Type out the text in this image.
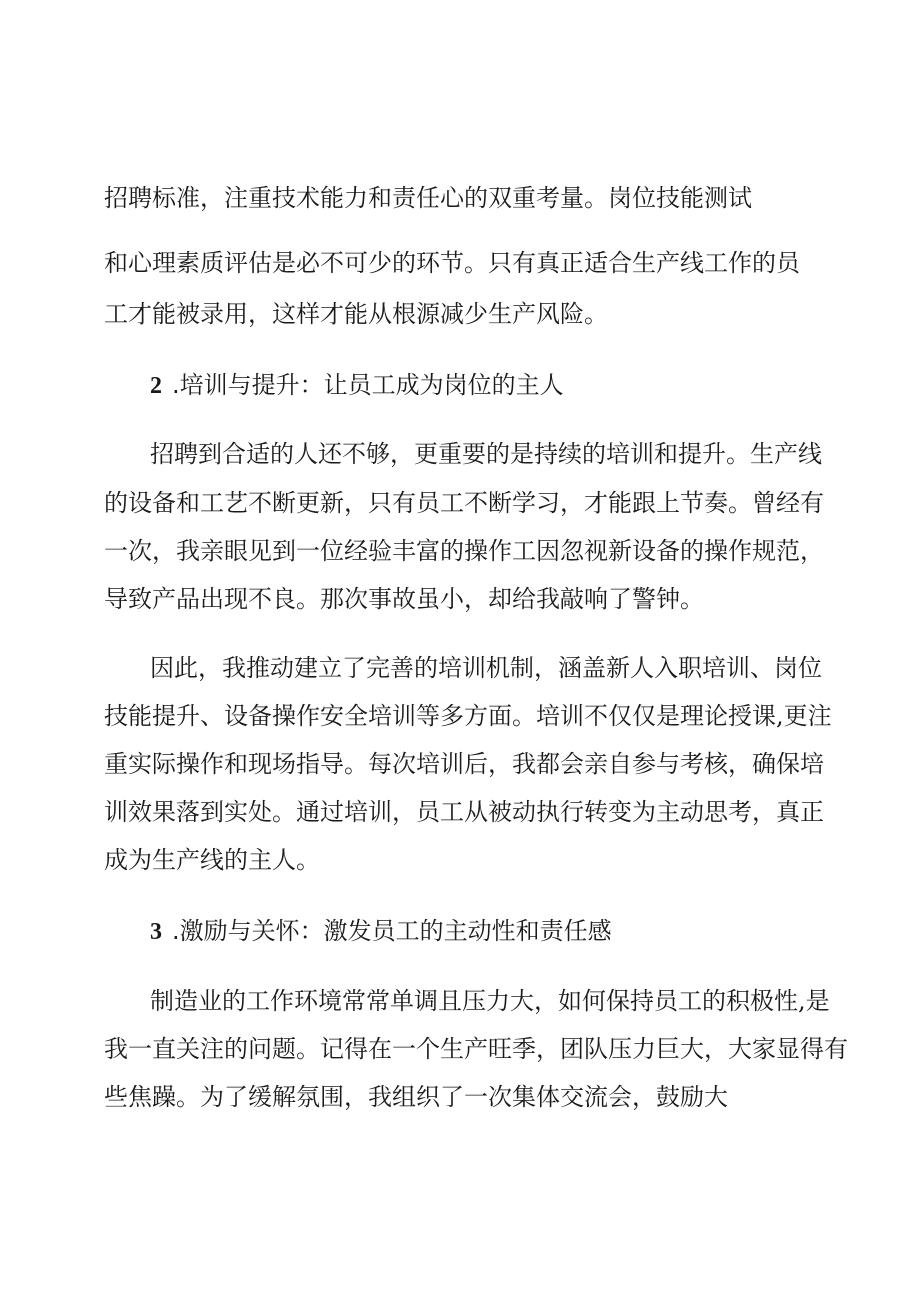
招聘标准，注重技术能力和责任心的双重考量。岗位技能测试

和心理素质评估是必不可少的环节。只有真正适合生产线工作的员

工才能被录用，这样才能从根源减少生产风险。

2 .培训与提升：让员工成为岗位的主人

招聘到合适的人还不够，更重要的是持续的培训和提升。生产线

的设备和工艺不断更新，只有员工不断学习，才能跟上节奏。曾经有

一次，我亲眼见到一位经验丰富的操作工因忽视新设备的操作规范，

导致产品出现不良。那次事故虽小，却给我敲响了警钟。

因此，我推动建立了完善的培训机制，涵盖新人入职培训、岗位

技能提升、设备操作安全培训等多方面。培训不仅仅是理论授课,更注

重实际操作和现场指导。每次培训后，我都会亲自参与考核，确保培

训效果落到实处。通过培训，员工从被动执行转变为主动思考，真正

成为生产线的主人。

3 .激励与关怀：激发员工的主动性和责任感

制造业的工作环境常常单调且压力大，如何保持员工的积极性,是

我一直关注的问题。记得在一个生产旺季，团队压力巨大，大家显得有

些焦躁。为了缓解氛围，我组织了一次集体交流会，鼓励大
